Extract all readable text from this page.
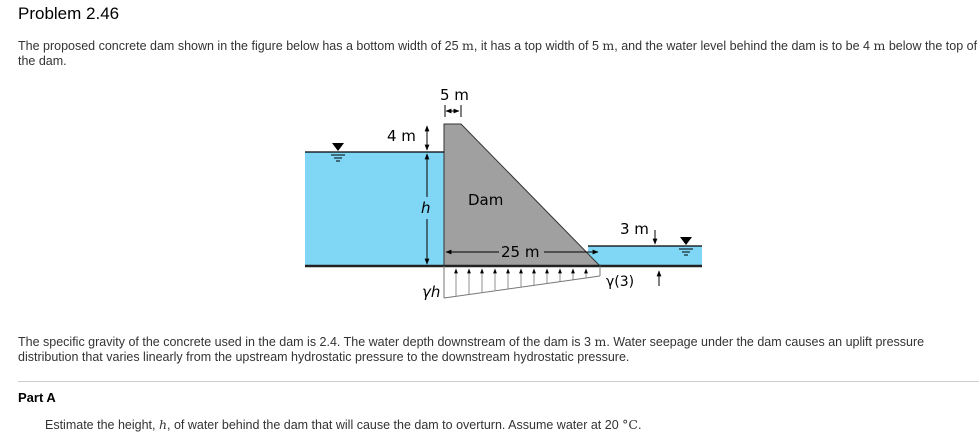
Problem 2.46
The proposed concrete dam shown in the figure below has a bottom width of 25 m, it has a top width of 5 m, and the water level behind the dam is to be 4 m below the top of the dam.
5 m
4 m
h Dam
25 m
3 m
γh
γ(3)
The specific gravity of the concrete used in the dam is 2.4. The water depth downstream of the dam is 3 m. Water seepage under the dam causes an uplift pressure distribution that varies linearly from the upstream hydrostatic pressure to the downstream hydrostatic pressure.
Part A
Estimate the height, h, of water behind the dam that will cause the dam to overturn. Assume water at 20 °C.
